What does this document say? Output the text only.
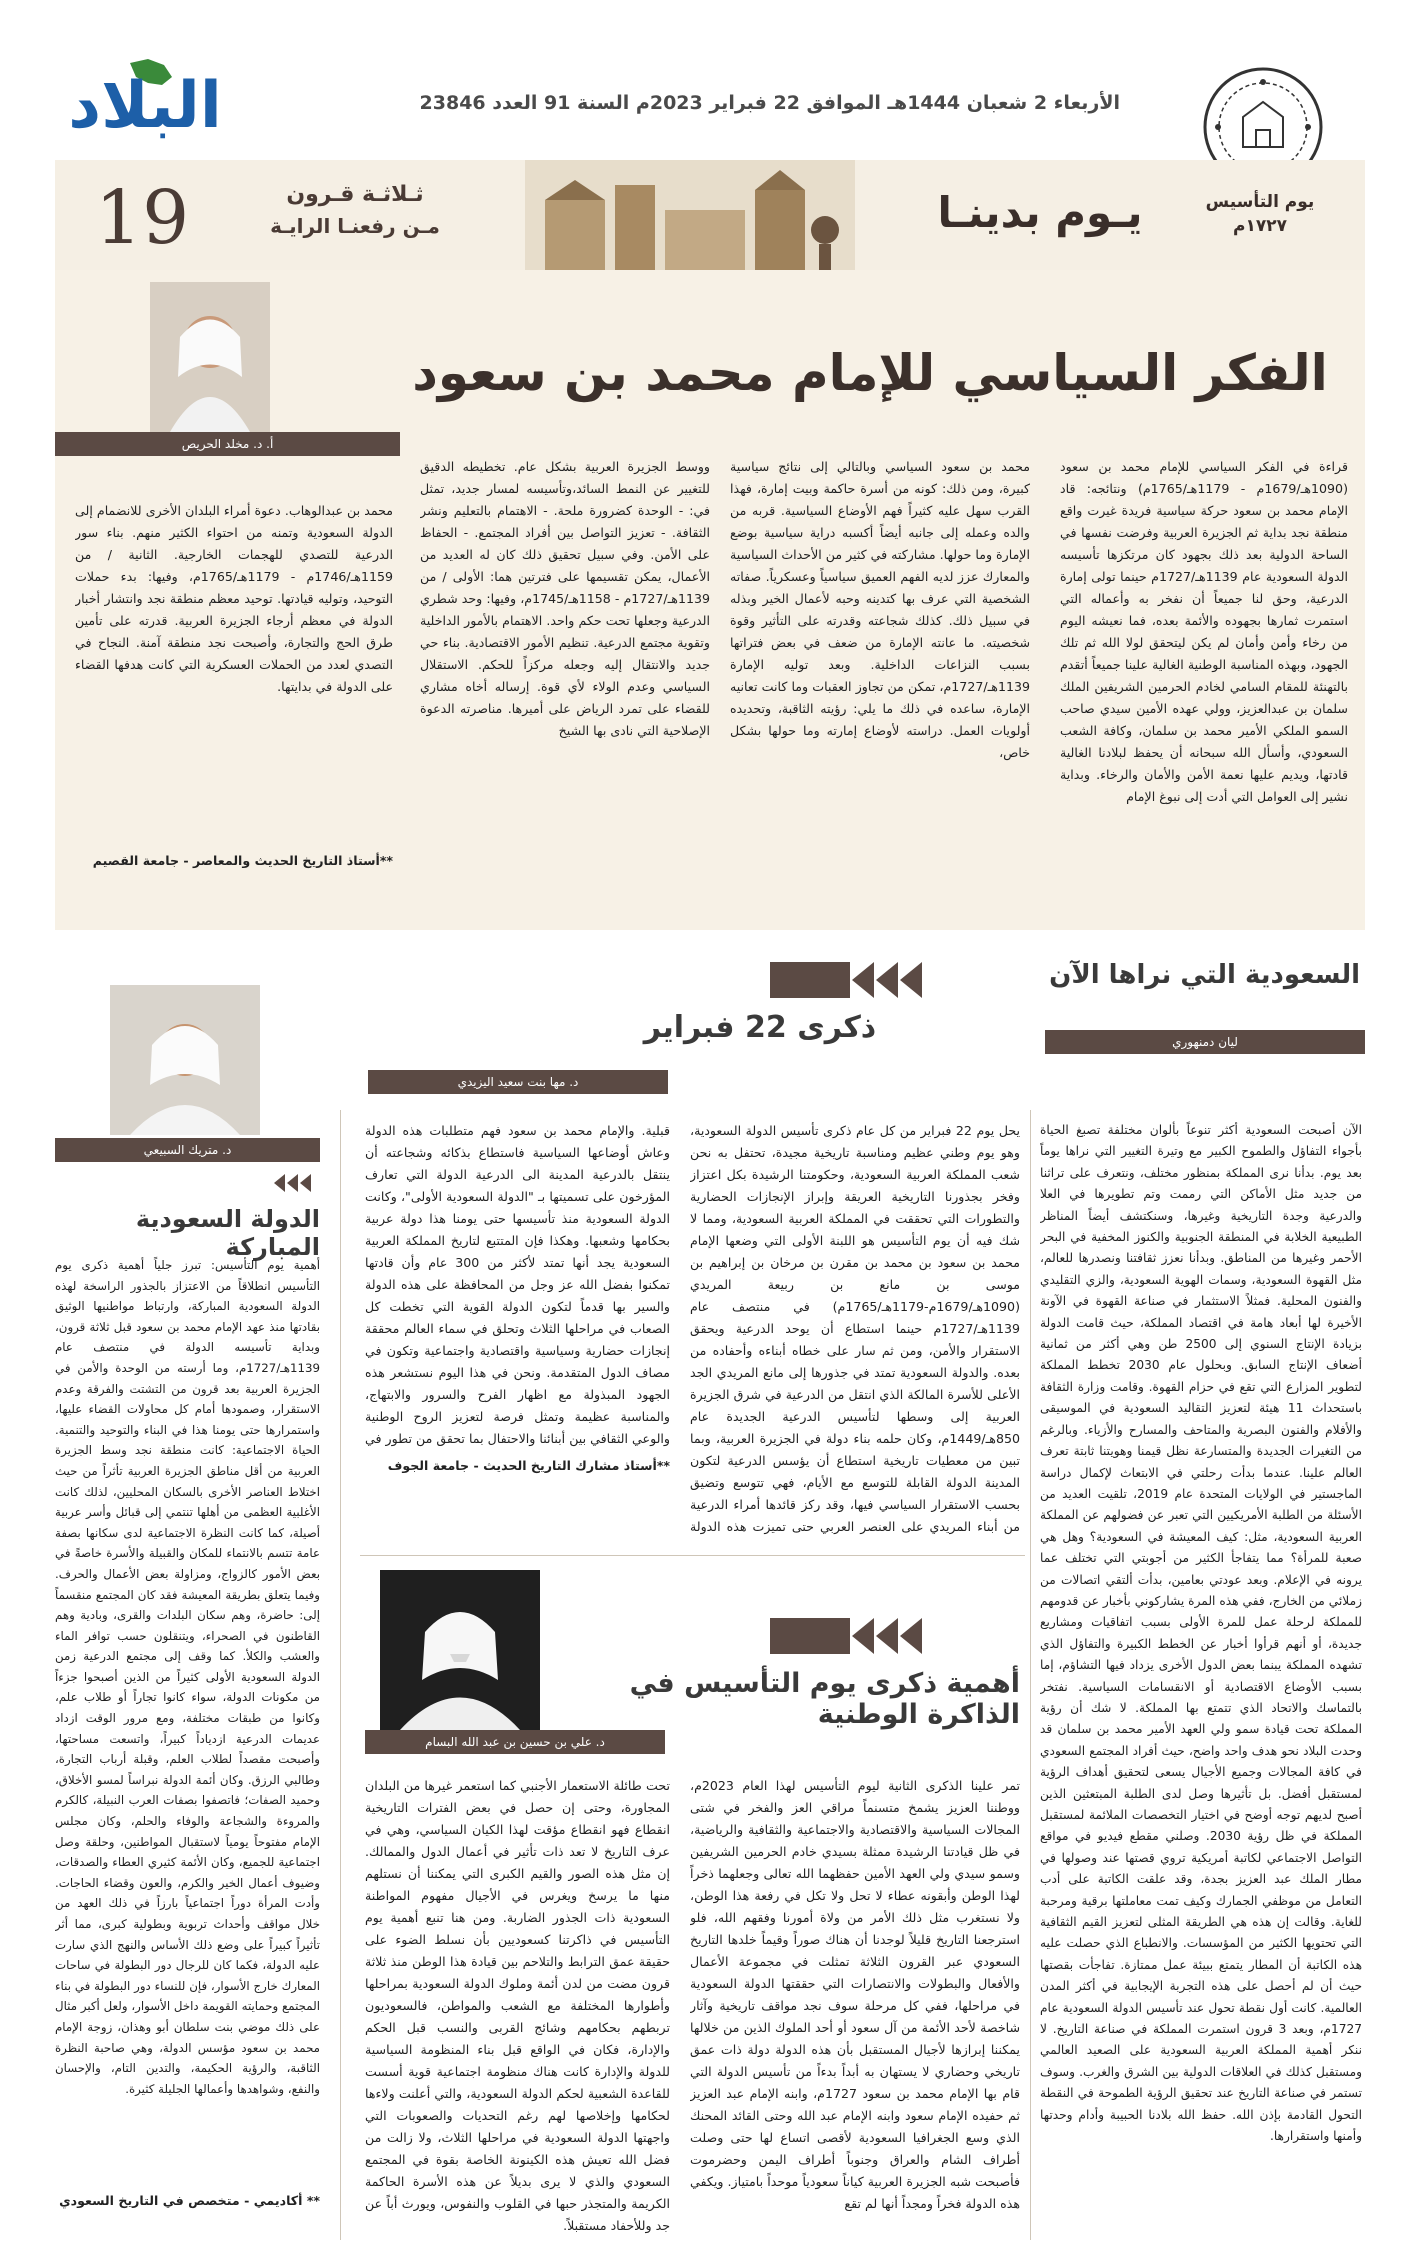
البلاد	الأربعاء 2 شعبان 1444هـ الموافق 22 فبراير 2023م السنة 91 العدد 23846
19	ثـلاثـة قـرون
مـن رفعنـا الرايـة	يـوم بدينـا	يوم التأسيس ١٧٢٧م
الفكر السياسي للإمام محمد بن سعود
أ. د. مخلد الحريص
قراءة في الفكر السياسي للإمام محمد بن سعود (1090هـ/1679م - 1179هـ/1765م) ونتائجه: قاد الإمام محمد بن سعود حركة سياسية فريدة غيرت واقع منطقة نجد بداية ثم الجزيرة العربية وفرضت نفسها في الساحة الدولية بعد ذلك بجهود كان مرتكزها تأسيسه الدولة السعودية عام 1139هـ/1727م حينما تولى إمارة الدرعية، وحق لنا جميعاً أن نفخر به وأعماله التي استمرت ثمارها بجهوده والأئمة بعده، فما نعيشه اليوم من رخاء وأمن وأمان لم يكن ليتحقق لولا الله ثم تلك الجهود، وبهذه المناسبة الوطنية الغالية علينا جميعاً أتقدم بالتهنئة للمقام السامي لخادم الحرمين الشريفين الملك سلمان بن عبدالعزيز، وولي عهده الأمين سيدي صاحب السمو الملكي الأمير محمد بن سلمان، وكافة الشعب السعودي، وأسأل الله سبحانه أن يحفظ لبلادنا الغالية قادتها، ويديم عليها نعمة الأمن والأمان والرخاء. وبداية نشير إلى العوامل التي أدت إلى نبوغ الإمام
محمد بن سعود السياسي وبالتالي إلى نتائج سياسية كبيرة، ومن ذلك: كونه من أسرة حاكمة وبيت إمارة، فهذا القرب سهل عليه كثيراً فهم الأوضاع السياسية. قربه من والده وعمله إلى جانبه أيضاً أكسبه دراية سياسية بوضع الإمارة وما حولها. مشاركته في كثير من الأحداث السياسية والمعارك عزز لديه الفهم العميق سياسياً وعسكرياً. صفاته الشخصية التي عرف بها كتدينه وحبه لأعمال الخير وبذله في سبيل ذلك. كذلك شجاعته وقدرته على التأثير وقوة شخصيته. ما عانته الإمارة من ضعف في بعض فتراتها بسبب النزاعات الداخلية. وبعد توليه الإمارة 1139هـ/1727م، تمكن من تجاوز العقبات وما كانت تعانيه الإمارة، ساعده في ذلك ما يلي: رؤيته الثاقبة، وتحديده أولويات العمل. دراسته لأوضاع إمارته وما حولها بشكل خاص،
ووسط الجزيرة العربية بشكل عام. تخطيطه الدقيق للتغيير عن النمط السائد،وتأسيسه لمسار جديد، تمثل في: - الوحدة كضرورة ملحة. - الاهتمام بالتعليم ونشر الثقافة. - تعزيز التواصل بين أفراد المجتمع. - الحفاظ على الأمن. وفي سبيل تحقيق ذلك كان له العديد من الأعمال، يمكن تقسيمها على فترتين هما: الأولى / من 1139هـ/1727م - 1158هـ/1745م، وفيها: وحد شطري الدرعية وجعلها تحت حكم واحد. الاهتمام بالأمور الداخلية وتقوية مجتمع الدرعية. تنظيم الأمور الاقتصادية. بناء حي جديد والانتقال إليه وجعله مركزاً للحكم. الاستقلال السياسي وعدم الولاء لأي قوة. إرساله أخاه مشاري للقضاء على تمرد الرياض على أميرها. مناصرته الدعوة الإصلاحية التي نادى بها الشيخ
محمد بن عبدالوهاب. دعوة أمراء البلدان الأخرى للانضمام إلى الدولة السعودية وتمنه من احتواء الكثير منهم. بناء سور الدرعية للتصدي للهجمات الخارجية. الثانية / من 1159هـ/1746م - 1179هـ/1765م، وفيها: بدء حملات التوحيد، وتوليه قيادتها. توحيد معظم منطقة نجد وانتشار أخبار الدولة في معظم أرجاء الجزيرة العربية. قدرته على تأمين طرق الحج والتجارة، وأصبحت نجد منطقة آمنة. النجاح في التصدي لعدد من الحملات العسكرية التي كانت هدفها القضاء على الدولة في بدايتها.
**أستاذ التاريخ الحديث والمعاصر - جامعة القصيم
السعودية التي نراها الآن
ليان دمنهوري
الآن أصبحت السعودية أكثر تنوعاً بألوان مختلفة تصبغ الحياة بأجواء التفاؤل والطموح الكبير مع وتيرة التغيير التي نراها يوماً بعد يوم. بدأنا نرى المملكة بمنظور مختلف، ونتعرف على تراثنا من جديد مثل الأماكن التي رممت وتم تطويرها في العلا والدرعية وجدة التاريخية وغيرها، وسنكتشف أيضاً المناظر الطبيعية الخلابة في المنطقة الجنوبية والكنوز المخفية في البحر الأحمر وغيرها من المناطق. وبدأنا نعزز ثقافتنا ونصدرها للعالم، مثل القهوة السعودية، وسمات الهوية السعودية، والزي التقليدي والفنون المحلية. فمثلاً الاستثمار في صناعة القهوة في الآونة الأخيرة لها أبعاد هامة في اقتصاد المملكة، حيث قامت الدولة بزيادة الإنتاج السنوي إلى 2500 طن وهي أكثر من ثمانية أضعاف الإنتاج السابق. وبحلول عام 2030 تخطط المملكة لتطوير المزارع التي تقع في حزام القهوة. وقامت وزارة الثقافة باستحداث 11 هيئة لتعزيز التقاليد السعودية في الموسيقى والأفلام والفنون البصرية والمتاحف والمسارح والأزياء. وبالرغم من التغيرات الجديدة والمتسارعة نظل قيمنا وهويتنا ثابتة تعرف العالم علينا. عندما بدأت رحلتي في الابتعاث لإكمال دراسة الماجستير في الولايات المتحدة عام 2019، تلقيت العديد من الأسئلة من الطلبة الأمريكيين التي تعبر عن فضولهم عن المملكة العربية السعودية، مثل: كيف المعيشة في السعودية؟ وهل هي صعبة للمرأة؟ مما يتفاجأ الكثير من أجوبتي التي تختلف عما يرونه في الإعلام. وبعد عودتي بعامين، بدأت ألتقي اتصالات من زملائي من الخارج، ففي هذه المرة يشاركوني بأخبار عن قدومهم للمملكة لرحلة عمل للمرة الأولى بسبب اتفاقيات ومشاريع جديدة، أو أنهم قرأوا أخبار عن الخطط الكبيرة والتفاؤل الذي تشهده المملكة يبنما بعض الدول الأخرى يزداد فيها التشاؤم، إما بسبب الأوضاع الاقتصادية أو الانقسامات السياسية. نفتخر بالتماسك والاتحاد الذي تتمتع بها المملكة. لا شك أن رؤية المملكة تحت قيادة سمو ولي العهد الأمير محمد بن سلمان قد وحدت البلاد نحو هدف واحد واضح، حيث أفراد المجتمع السعودي في كافة المجالات وجميع الأجيال يسعى لتحقيق أهداف الرؤية لمستقبل أفضل. بل تأثيرها وصل لدى الطلبة المبتعثين الذين أصبح لديهم توجه أوضح في اختيار التخصصات الملائمة لمستقبل المملكة في ظل رؤية 2030. وصلني مقطع فيديو في مواقع التواصل الاجتماعي لكاتبة أمريكية تروي قصتها عند وصولها في مطار الملك عبد العزيز بجدة، وقد علقت الكاتبة على أدب التعامل من موظفي الجمارك وكيف تمت معاملتها برقية ومرحبة للغاية. وقالت إن هذه هي الطريقة المثلى لتعزيز القيم الثقافية التي تحتويها الكثير من المؤسسات. والانطباع الذي حصلت عليه هذه الكاتبة أن المطار يتمتع ببيئة عمل ممتازة. تفاجأت بقصتها حيث أن لم أحصل على هذه التجربة الإيجابية في أكثر المدن العالمية. كانت أول نقطة تحول عند تأسيس الدولة السعودية عام 1727م، وبعد 3 قرون استمرت المملكة في صناعة التاريخ. لا ننكر أهمية المملكة العربية السعودية على الصعيد العالمي ومستقبل كذلك في العلاقات الدولية بين الشرق والغرب. وسوف تستمر في صناعة التاريخ عند تحقيق الرؤية الطموحة في النقطة التحول القادمة بإذن الله. حفظ الله بلادنا الحبيبة وأدام وحدتها وأمنها واستقرارها.
ذكرى 22 فبراير
د. مها بنت سعيد اليزيدي
يحل يوم 22 فبراير من كل عام ذكرى تأسيس الدولة السعودية، وهو يوم وطني عظيم ومناسبة تاريخية مجيدة، تحتفل به نحن شعب المملكة العربية السعودية، وحكومتنا الرشيدة بكل اعتزاز وفخر بجذورنا التاريخية العريقة وإبراز الإنجازات الحضارية والتطورات التي تحققت في المملكة العربية السعودية، ومما لا شك فيه أن يوم التأسيس هو اللبنة الأولى التي وضعها الإمام محمد بن سعود بن محمد بن مقرن بن مرخان بن إبراهيم بن موسى بن مانع بن ربيعة المريدي (1090هـ/1679م-1179هـ/1765م) في منتصف عام 1139هـ/1727م حينما استطاع أن يوحد الدرعية ويحقق الاستقرار والأمن، ومن ثم سار على خطاه أبناءه وأحفاده من بعده. والدولة السعودية تمتد في جذورها إلى مانع المريدي الجد الأعلى للأسرة المالكة الذي انتقل من الدرعية في شرق الجزيرة العربية إلى وسطها لتأسيس الدرعية الجديدة عام 850هـ/1449م، وكان حلمه بناء دولة في الجزيرة العربية، وبما تبين من معطيات تاريخية استطاع أن يؤسس الدرعية لتكون المدينة الدولة القابلة للتوسع مع الأيام، فهي تتوسع وتضيق بحسب الاستقرار السياسي فيها، وقد ركز قائدها أمراء الدرعية من أبناء المريدي على العنصر العربي حتى تميزت هذه الدولة
قبلية. والإمام محمد بن سعود فهم متطلبات هذه الدولة وعاش أوضاعها السياسية فاستطاع بذكائه وشجاعته أن ينتقل بالدرعية المدينة الى الدرعية الدولة التي تعارف المؤرخون على تسميتها بـ "الدولة السعودية الأولى"، وكانت الدولة السعودية منذ تأسيسها حتى يومنا هذا دولة عربية بحكامها وشعبها. وهكذا فإن المتتبع لتاريخ المملكة العربية السعودية يجد أنها تمتد لأكثر من 300 عام وأن قادتها تمكنوا بفضل الله عز وجل من المحافظة على هذه الدولة والسير بها قدماً لتكون الدولة القوية التي تخطت كل الصعاب في مراحلها الثلاث وتحلق في سماء العالم محققة إنجازات حضارية وسياسية واقتصادية واجتماعية وتكون في مصاف الدول المتقدمة. ونحن في هذا اليوم نستشعر هذه الجهود المبذولة مع اظهار الفرح والسرور والابتهاج، والمناسبة عظيمة وتمثل فرصة لتعزيز الروح الوطنية والوعي الثقافي بين أبنائنا والاحتفال بما تحقق من تطور في
**أستاذ مشارك التاريخ الحديث - جامعة الجوف
د. متريك السبيعي
الدولة السعودية المباركة
أهمية يوم التأسيس: تبرز جلياً أهمية ذكرى يوم التأسيس انطلاقاً من الاعتزاز بالجذور الراسخة لهذه الدولة السعودية المباركة، وارتباط مواطنيها الوثيق بقادتها منذ عهد الإمام محمد بن سعود قبل ثلاثة قرون، وبداية تأسيسه الدولة في منتصف عام 1139هـ/1727م، وما أرسته من الوحدة والأمن في الجزيرة العربية بعد قرون من التشتت والفرقة وعدم الاستقرار، وصمودها أمام كل محاولات القضاء عليها، واستمرارها حتى يومنا هذا في البناء والتوحيد والتنمية. الحياة الاجتماعية: كانت منطقة نجد وسط الجزيرة العربية من أقل مناطق الجزيرة العربية تأثراً من حيث اختلاط العناصر الأخرى بالسكان المحليين، لذلك كانت الأغلبية العظمى من أهلها تنتمي إلى قبائل وأسر عربية أصيلة، كما كانت النظرة الاجتماعية لدى سكانها بصفة عامة تتسم بالانتماء للمكان والقبيلة والأسرة خاصةً في بعض الأمور كالزواج، ومزاولة بعض الأعمال والحرف. وفيما يتعلق بطريقة المعيشة فقد كان المجتمع منقسماً إلى: حاضرة، وهم سكان البلدات والقرى، وبادية وهم القاطنون في الصحراء، ويتنقلون حسب توافر الماء والعشب والكلأ. كما وقف إلى مجتمع الدرعية زمن الدولة السعودية الأولى كثيراً من الذين أصبحوا جزءاً من مكونات الدولة، سواء كانوا تجاراً أو طلاب علم، وكانوا من طبقات مختلفة، ومع مرور الوقت ازداد عديمات الدرعية ازدياداً كبيراً، واتسعت مساحتها، وأصبحت مقصداً لطلاب العلم، وقبلة أرباب التجارة، وطالبي الرزق. وكان أئمة الدولة نبراساً لمسو الأخلاق، وحميد الصفات؛ فاتصفوا بصفات العرب النبيلة، كالكرم والمروءة والشجاعة والوفاء والحلم، وكان مجلس الإمام مفتوحاً يومياً لاستقبال المواطنين، وحلقة وصل اجتماعية للجميع، وكان الأئمة كثيري العطاء والصدقات، وضيوف أعمال الخير والكرم، والعون وقضاء الحاجات. وأدت المرأة دوراً اجتماعياً بارزاً في ذلك العهد من خلال مواقف وأحداث تربوية وبطولية كبرى، مما أثر تأثيراً كبيراً على وضع ذلك الأساس والنهج الذي سارت عليه الدولة، فكما كان للرجال دور البطولة في ساحات المعارك خارج الأسوار، فإن للنساء دور البطولة في بناء المجتمع وحمايته القويمة داخل الأسوار، ولعل أكبر مثال على ذلك موضي بنت سلطان أبو وهذان، زوجة الإمام محمد بن سعود مؤسس الدولة، وهي صاحبة النظرة الثاقبة، والرؤية الحكيمة، والتدين التام، والإحسان والنفع، وشواهدها وأعمالها الجليلة كثيرة.
** أكاديمي - متخصص في التاريخ السعودي
د. علي بن حسين بن عبد الله البسام
أهمية ذكرى يوم التأسيس في الذاكرة الوطنية
تمر علينا الذكرى الثانية ليوم التأسيس لهذا العام 2023م، ووطننا العزيز يشمخ متسنماً مراقي العز والفخر في شتى المجالات السياسية والاقتصادية والاجتماعية والثقافية والرياضية، في ظل قيادتنا الرشيدة ممثلة بسيدي خادم الحرمين الشريفين وسمو سيدي ولي العهد الأمين حفظهما الله تعالى وجعلهما ذخراً لهذا الوطن وأبقونه عطاء لا تحل ولا تكل في رفعة هذا الوطن، ولا نستغرب مثل ذلك الأمر من ولاة أمورنا وفقهم الله، فلو استرجعنا التاريخ قليلاً لوجدنا أن هناك صوراً وقيماً خلدها التاريخ السعودي عبر القرون الثلاثة تمثلت في مجموعة الأعمال والأفعال والبطولات والانتصارات التي حققتها الدولة السعودية في مراحلها، ففي كل مرحلة سوف نجد مواقف تاريخية وآثار شاخصة لأحد الأئمة من آل سعود أو أحد الملوك الذين من خلالها يمكننا إبرازها لأجيال المستقبل بأن هذه الدولة دولة ذات عمق تاريخي وحضاري لا يستهان به أبداً بدءاً من تأسيس الدولة التي قام بها الإمام محمد بن سعود 1727م، وابنه الإمام عبد العزيز ثم حفيده الإمام سعود وابنه الإمام عبد الله وحتى القائد المحنك الذي وسع الجغرافيا السعودية لأقصى اتساع لها حتى وصلت أطراف الشام والعراق وجنوباً أطراف اليمن وحضرموت فأصبحت شبه الجزيرة العربية كياناً سعودياً موحداً بامتياز. ويكفي هذه الدولة فخراً ومجداً أنها لم تقع
تحت طائلة الاستعمار الأجنبي كما استعمر غيرها من البلدان المجاورة، وحتى إن حصل في بعض الفترات التاريخية انقطاع فهو انقطاع مؤقت لهذا الكيان السياسي، وهي في عرف التاريخ لا تعد ذات تأثير في أعمال الدول والممالك. إن مثل هذه الصور والقيم الكبرى التي يمكننا أن نستلهم منها ما يرسخ ويغرس في الأجيال مفهوم المواطنة السعودية ذات الجذور الضاربة. ومن هنا تنبع أهمية يوم التأسيس في ذاكرتنا كسعوديين بأن نسلط الضوء على حقيقة عمق الترابط والتلاحم بين قيادة هذا الوطن منذ ثلاثة قرون مضت من لدن أئمة وملوك الدولة السعودية بمراحلها وأطوارها المختلفة مع الشعب والمواطن، فالسعوديون تربطهم بحكامهم وشائج القربى والنسب قبل الحكم والإدارة، فكان في الواقع قبل بناء المنظومة السياسية للدولة والإدارة كانت هناك منظومة اجتماعية قوية أسست للقاعدة الشعبية لحكم الدولة السعودية، والتي أعلنت ولاءها لحكامها وإخلاصها لهم رغم التحديات والصعوبات التي واجهتها الدولة السعودية في مراحلها الثلاث، ولا زالت من فضل الله تعيش هذه الكينونة الخاصة بقوة في المجتمع السعودي والذي لا يرى بديلاً عن هذه الأسرة الحاكمة الكريمة والمتجذر حبها في القلوب والنفوس، ويورث أباً عن جد وللأحفاد مستقبلاً.
